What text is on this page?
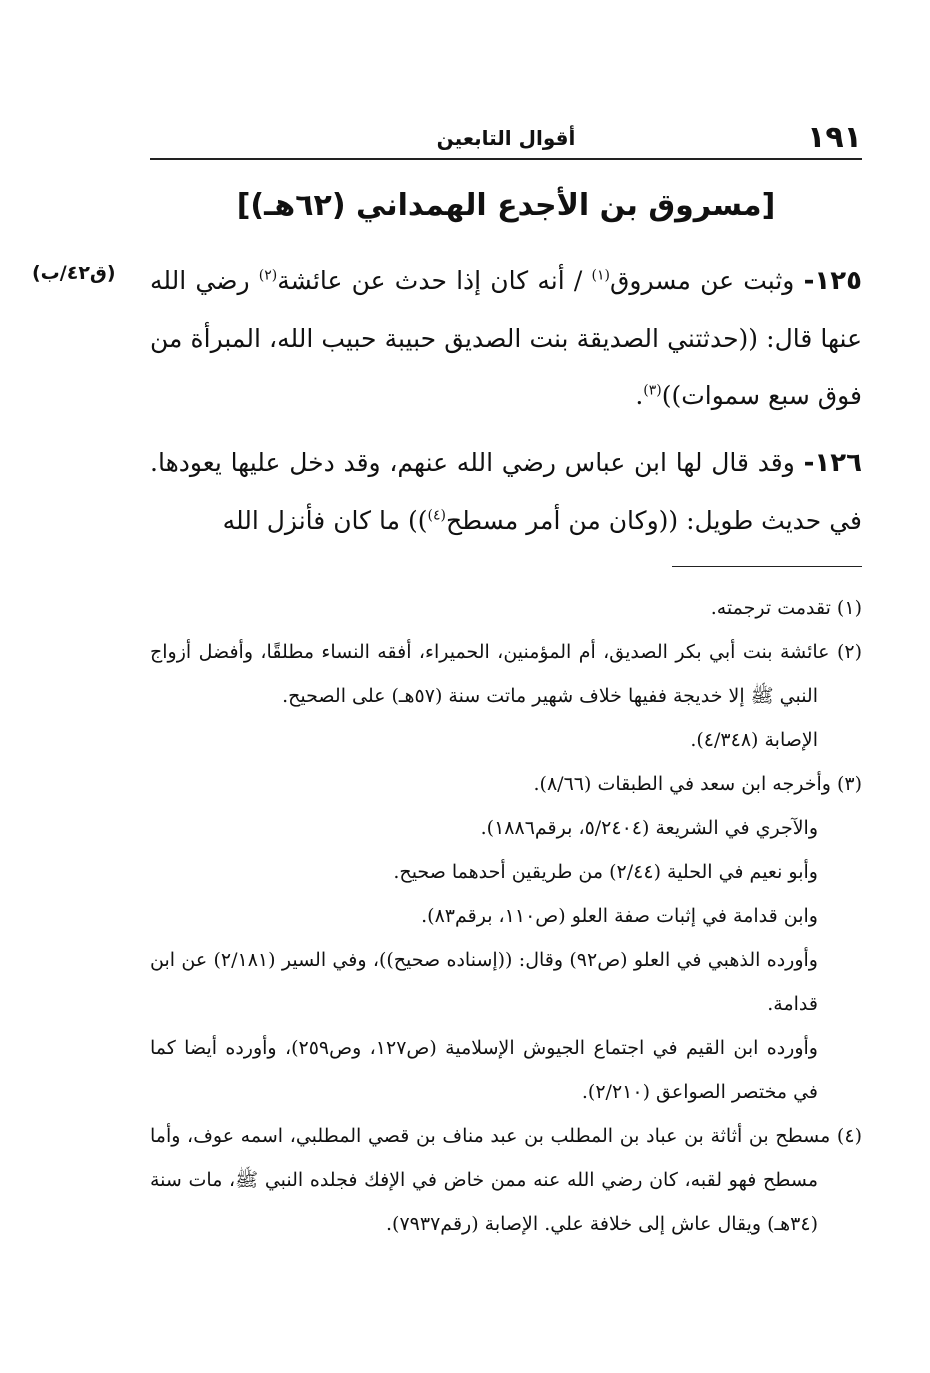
١٩١
أقوال التابعين
[مسروق بن الأجدع الهمداني (٦٢هـ)]
(ق٤٢/ب)	١٢٥- وثبت عن مسروق$^{(١)}$ / أنه كان إذا حدث عن عائشة$^{(٢)}$ رضي الله عنها قال: ((حدثتني الصديقة بنت الصديق حبيبة حبيب الله، المبرأة من فوق سبع سموات))$^{(٣)}$.

١٢٦- وقد قال لها ابن عباس رضي الله عنهم، وقد دخل عليها يعودها. في حديث طويل: ((وكان من أمر مسطح$^{(٤)}$)) ما كان فأنزل الله

(١) تقدمت ترجمته.
(٢) عائشة بنت أبي بكر الصديق، أم المؤمنين، الحميراء، أفقه النساء مطلقًا، وأفضل أزواج النبي ﷺ إلا خديجة ففيها خلاف شهير ماتت سنة (٥٧هـ) على الصحيح.
الإصابة (٤/٣٤٨).
(٣) وأخرجه ابن سعد في الطبقات (٨/٦٦).
والآجري في الشريعة (٥/٢٤٠٤، برقم١٨٨٦).
وأبو نعيم في الحلية (٢/٤٤) من طريقين أحدهما صحيح.
وابن قدامة في إثبات صفة العلو (ص١١٠، برقم٨٣).
وأورده الذهبي في العلو (ص٩٢) وقال: ((إسناده صحيح))، وفي السير (٢/١٨١) عن ابن قدامة.
وأورده ابن القيم في اجتماع الجيوش الإسلامية (ص١٢٧، وص٢٥٩)، وأورده أيضا كما في مختصر الصواعق (٢/٢١٠).
(٤) مسطح بن أثاثة بن عباد بن المطلب بن عبد مناف بن قصي المطلبي، اسمه عوف، وأما مسطح فهو لقبه، كان رضي الله عنه ممن خاض في الإفك فجلده النبي ﷺ، مات سنة (٣٤هـ) ويقال عاش إلى خلافة علي. الإصابة (رقم٧٩٣٧).
